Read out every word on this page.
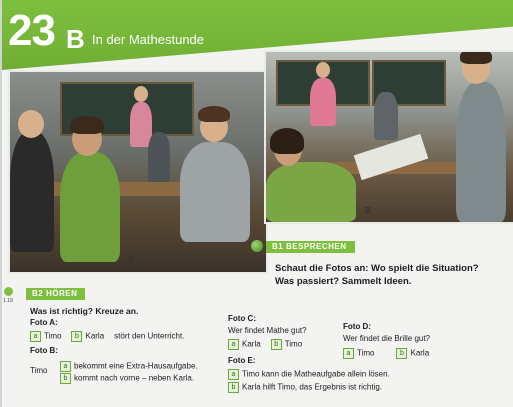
23 B In der Mathestunde
A
B
B1 BESPRECHEN
Schaut die Fotos an: Wo spielt die Situation?
Was passiert? Sammelt Ideen.
1.19
B2 HÖREN
Was ist richtig? Kreuze an.
Foto A:
a Timo b Karla stört den Unterricht.
Foto B:
Timo	a bekommt eine Extra-Hausaufgabe.
b kommt nach vorne – neben Karla.
Foto C:
Wer findet Mathe gut?
a Karla b Timo
Foto D:
Wer findet die Brille gut?
a Timo	b Karla
Foto E:
a Timo kann die Matheaufgabe allein lösen.
b Karla hilft Timo, das Ergebnis ist richtig.
